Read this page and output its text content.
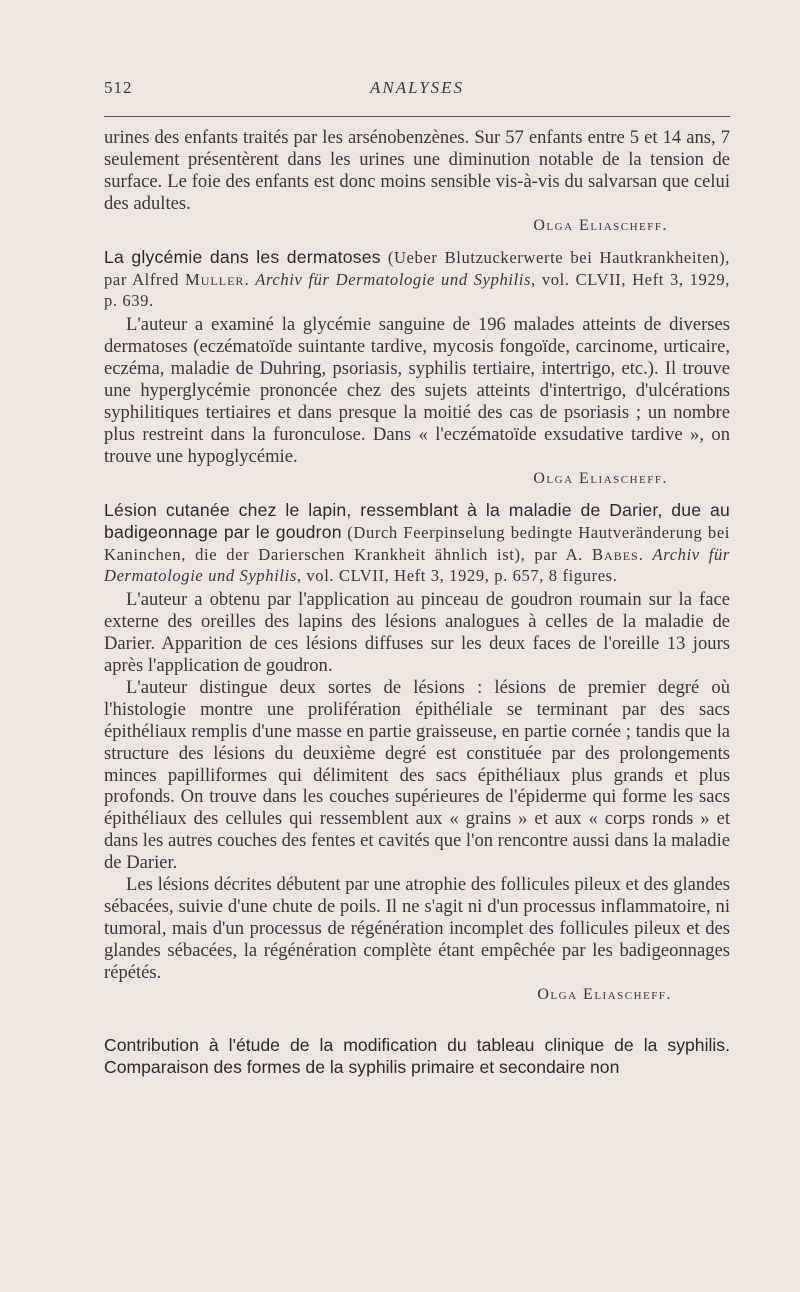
512	ANALYSES

urines des enfants traités par les arsénobenzènes. Sur 57 enfants entre 5 et 14 ans, 7 seulement présentèrent dans les urines une diminution notable de la tension de surface. Le foie des enfants est donc moins sensible vis-à-vis du salvarsan que celui des adultes.

Olga Eliascheff.

La glycémie dans les dermatoses (Ueber Blutzuckerwerte bei Hautkrankheiten), par Alfred Muller. Archiv für Dermatologie und Syphilis, vol. CLVII, Heft 3, 1929, p. 639.

L'auteur a examiné la glycémie sanguine de 196 malades atteints de diverses dermatoses (eczématoïde suintante tardive, mycosis fongoïde, carcinome, urticaire, eczéma, maladie de Duhring, psoriasis, syphilis tertiaire, intertrigo, etc.). Il trouve une hyperglycémie prononcée chez des sujets atteints d'intertrigo, d'ulcérations syphilitiques tertiaires et dans presque la moitié des cas de psoriasis ; un nombre plus restreint dans la furonculose. Dans « l'eczématoïde exsudative tardive », on trouve une hypoglycémie.

Olga Eliascheff.

Lésion cutanée chez le lapin, ressemblant à la maladie de Darier, due au badigeonnage par le goudron (Durch Feerpinselung bedingte Hautveränderung bei Kaninchen, die der Darierschen Krankheit ähnlich ist), par A. Babes. Archiv für Dermatologie und Syphilis, vol. CLVII, Heft 3, 1929, p. 657, 8 figures.

L'auteur a obtenu par l'application au pinceau de goudron roumain sur la face externe des oreilles des lapins des lésions analogues à celles de la maladie de Darier. Apparition de ces lésions diffuses sur les deux faces de l'oreille 13 jours après l'application de goudron.

L'auteur distingue deux sortes de lésions : lésions de premier degré où l'histologie montre une prolifération épithéliale se terminant par des sacs épithéliaux remplis d'une masse en partie graisseuse, en partie cornée ; tandis que la structure des lésions du deuxième degré est constituée par des prolongements minces papilliformes qui délimitent des sacs épithéliaux plus grands et plus profonds. On trouve dans les couches supérieures de l'épiderme qui forme les sacs épithéliaux des cellules qui ressemblent aux « grains » et aux « corps ronds » et dans les autres couches des fentes et cavités que l'on rencontre aussi dans la maladie de Darier.

Les lésions décrites débutent par une atrophie des follicules pileux et des glandes sébacées, suivie d'une chute de poils. Il ne s'agit ni d'un processus inflammatoire, ni tumoral, mais d'un processus de régénération incomplet des follicules pileux et des glandes sébacées, la régénération complète étant empêchée par les badigeonnages répétés.

Olga Eliascheff.

Contribution à l'étude de la modification du tableau clinique de la syphilis. Comparaison des formes de la syphilis primaire et secondaire non
